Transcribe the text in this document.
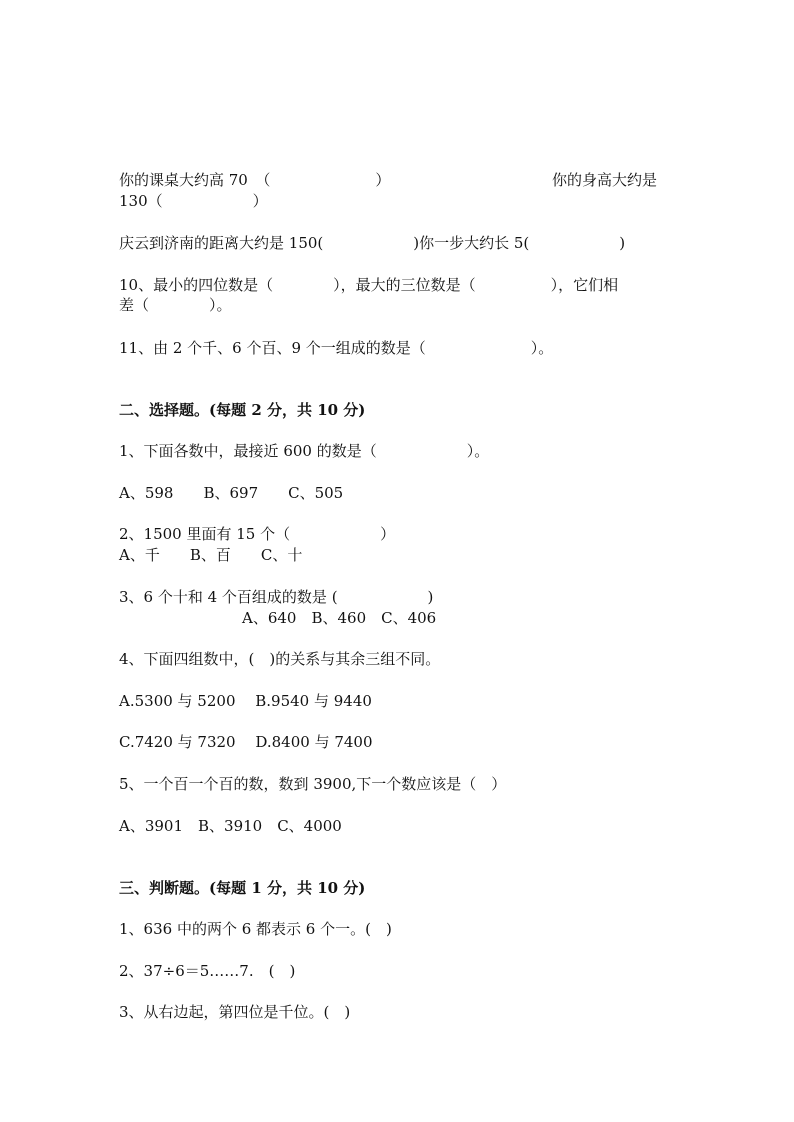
你的课桌大约高 70　（　　　　　　　）	你的身高大约是

130（　　　　　　）

庆云到济南的距离大约是 150(　　　　　　)你一步大约长 5(　　　　　　)

10、最小的四位数是（　　　　），最大的三位数是（　　　　　），它们相

差（　　　　）。

11、由 2 个千、6 个百、9 个一组成的数是（　　　　　　　）。

二、选择题。(每题 2 分，共 10 分)

1、下面各数中，最接近 600 的数是（　　　　　　）。

A、598　　B、697　　C、505

2、1500 里面有 15 个（　　　　　　）

A、千　　B、百　　C、十

3、6 个十和 4 个百组成的数是 (　　　　　　)

A、640　B、460　C、406

4、下面四组数中，(　)的关系与其余三组不同。

A.5300 与 5200　 B.9540 与 9440

C.7420 与 7320　 D.8400 与 7400

5、一个百一个百的数，数到 3900,下一个数应该是（　）

A、3901　B、3910　C、4000

三、判断题。(每题 1 分，共 10 分)

1、636 中的两个 6 都表示 6 个一。(　)

2、37÷6＝5……7.　(　)

3、从右边起，第四位是千位。(　)
